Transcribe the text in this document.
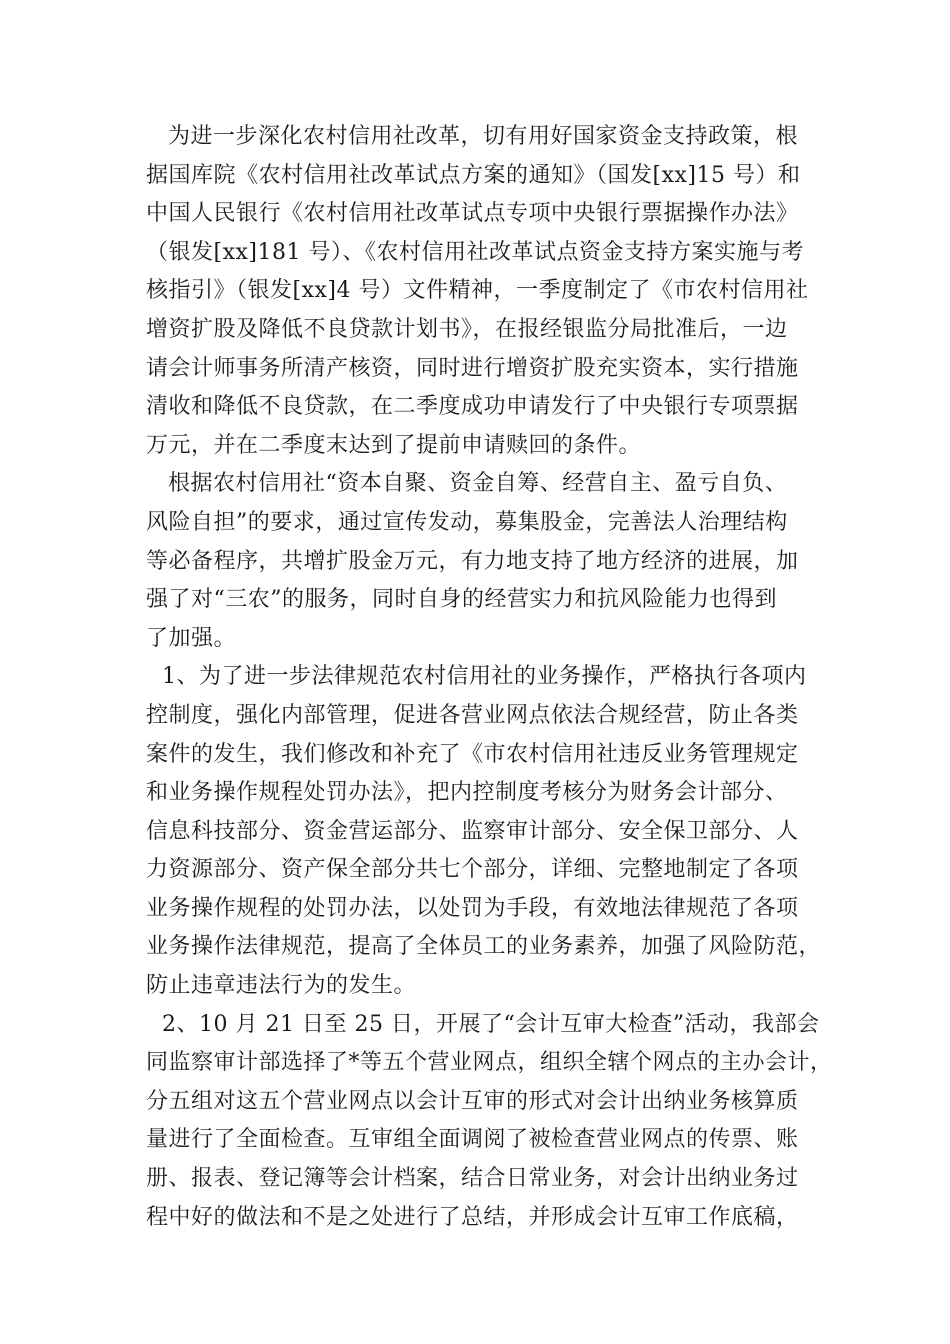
为进一步深化农村信用社改革，切有用好国家资金支持政策，根
据国库院《农村信用社改革试点方案的通知》（国发[xx]15 号）和
中国人民银行《农村信用社改革试点专项中央银行票据操作办法》
（银发[xx]181 号）、《农村信用社改革试点资金支持方案实施与考
核指引》（银发[xx]4 号）文件精神，一季度制定了《市农村信用社
增资扩股及降低不良贷款计划书》，在报经银监分局批准后，一边
请会计师事务所清产核资，同时进行增资扩股充实资本，实行措施
清收和降低不良贷款，在二季度成功申请发行了中央银行专项票据
万元，并在二季度末达到了提前申请赎回的条件。
根据农村信用社“资本自聚、资金自筹、经营自主、盈亏自负、
风险自担”的要求，通过宣传发动，募集股金，完善法人治理结构
等必备程序，共增扩股金万元，有力地支持了地方经济的进展，加
强了对“三农”的服务，同时自身的经营实力和抗风险能力也得到
了加强。
1、为了进一步法律规范农村信用社的业务操作，严格执行各项内
控制度，强化内部管理，促进各营业网点依法合规经营，防止各类
案件的发生，我们修改和补充了《市农村信用社违反业务管理规定
和业务操作规程处罚办法》，把内控制度考核分为财务会计部分、
信息科技部分、资金营运部分、监察审计部分、安全保卫部分、人
力资源部分、资产保全部分共七个部分，详细、完整地制定了各项
业务操作规程的处罚办法，以处罚为手段，有效地法律规范了各项
业务操作法律规范，提高了全体员工的业务素养，加强了风险防范，
防止违章违法行为的发生。
2、10 月 21 日至 25 日，开展了“会计互审大检查”活动，我部会
同监察审计部选择了*等五个营业网点，组织全辖个网点的主办会计，
分五组对这五个营业网点以会计互审的形式对会计出纳业务核算质
量进行了全面检查。互审组全面调阅了被检查营业网点的传票、账
册、报表、登记簿等会计档案，结合日常业务，对会计出纳业务过
程中好的做法和不是之处进行了总结，并形成会计互审工作底稿，
